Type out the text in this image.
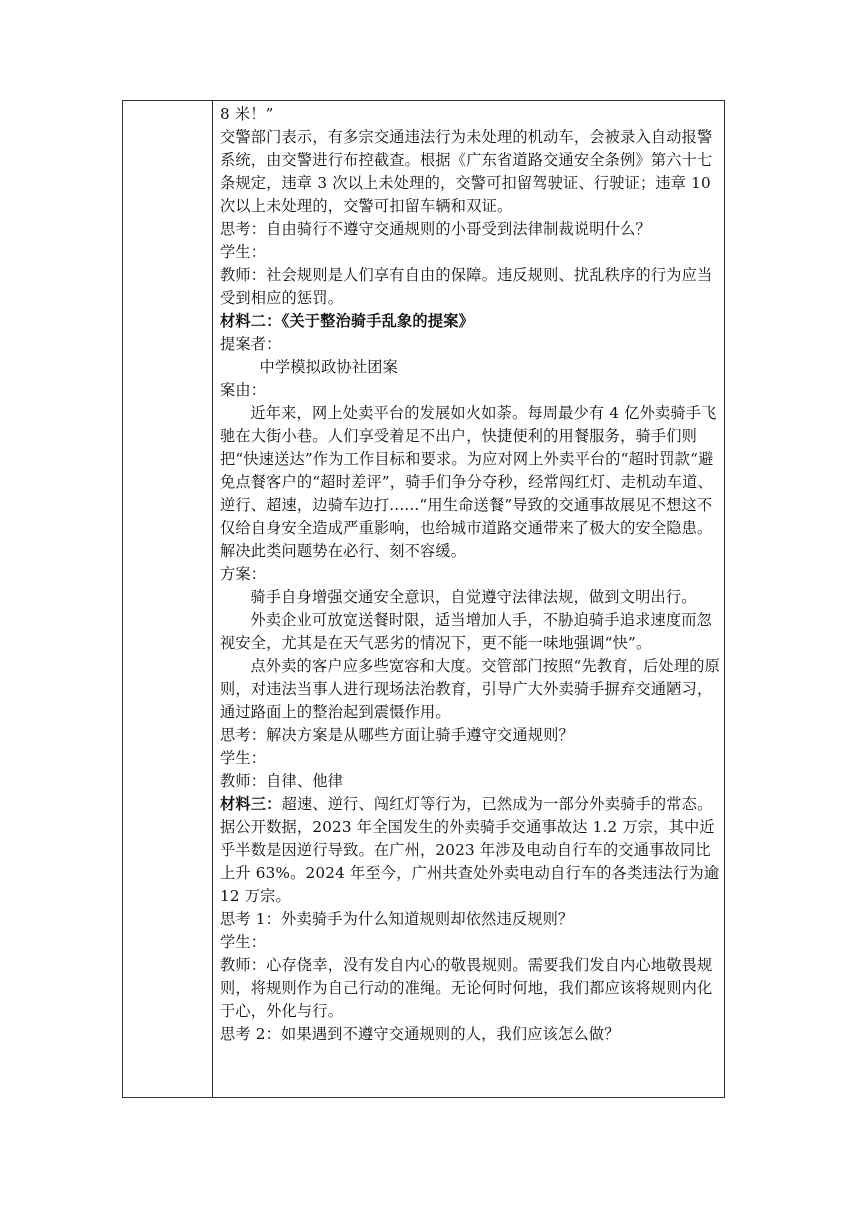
8 米！”

交警部门表示，有多宗交通违法行为未处理的机动车，会被录入自动报警系统，由交警进行布控截查。根据《广东省道路交通安全条例》第六十七条规定，违章 3 次以上未处理的，交警可扣留驾驶证、行驶证；违章 10 次以上未处理的，交警可扣留车辆和双证。

思考：自由骑行不遵守交通规则的小哥受到法律制裁说明什么？

学生：

教师：社会规则是人们享有自由的保障。违反规则、扰乱秩序的行为应当受到相应的惩罚。

材料二：《关于整治骑手乱象的提案》

提案者：

中学模拟政协社团案

案由：

近年来，网上处卖平台的发展如火如荼。每周最少有 4 亿外卖骑手飞驰在大街小巷。人们享受着足不出户，快捷便利的用餐服务，骑手们则把“快速送达”作为工作目标和要求。为应对网上外卖平台的“超时罚款“避免点餐客户的“超时差评”，骑手们争分夺秒，经常闯红灯、走机动车道、逆行、超速，边骑车边打......“用生命送餐”导致的交通事故展见不想这不仅给自身安全造成严重影响，也给城市道路交通带来了极大的安全隐患。解决此类问题势在必行、刻不容缓。

方案：

骑手自身增强交通安全意识，自觉遵守法律法规，做到文明出行。

外卖企业可放宽送餐时限，适当增加人手，不胁迫骑手追求速度而忽视安全，尤其是在天气恶劣的情况下，更不能一味地强调“快”。

点外卖的客户应多些宽容和大度。交管部门按照“先教育，后处理的原则，对违法当事人进行现场法治教育，引导广大外卖骑手摒弃交通陋习，通过路面上的整治起到震慑作用。

思考：解决方案是从哪些方面让骑手遵守交通规则？

学生：

教师：自律、他律

材料三：超速、逆行、闯红灯等行为，已然成为一部分外卖骑手的常态。据公开数据，2023 年全国发生的外卖骑手交通事故达 1.2 万宗，其中近乎半数是因逆行导致。在广州，2023 年涉及电动自行车的交通事故同比上升 63%。2024 年至今，广州共查处外卖电动自行车的各类违法行为逾 12 万宗。

思考 1：外卖骑手为什么知道规则却依然违反规则？

学生：

教师：心存侥幸，没有发自内心的敬畏规则。需要我们发自内心地敬畏规则，将规则作为自己行动的准绳。无论何时何地，我们都应该将规则内化于心，外化与行。

思考 2：如果遇到不遵守交通规则的人，我们应该怎么做？
